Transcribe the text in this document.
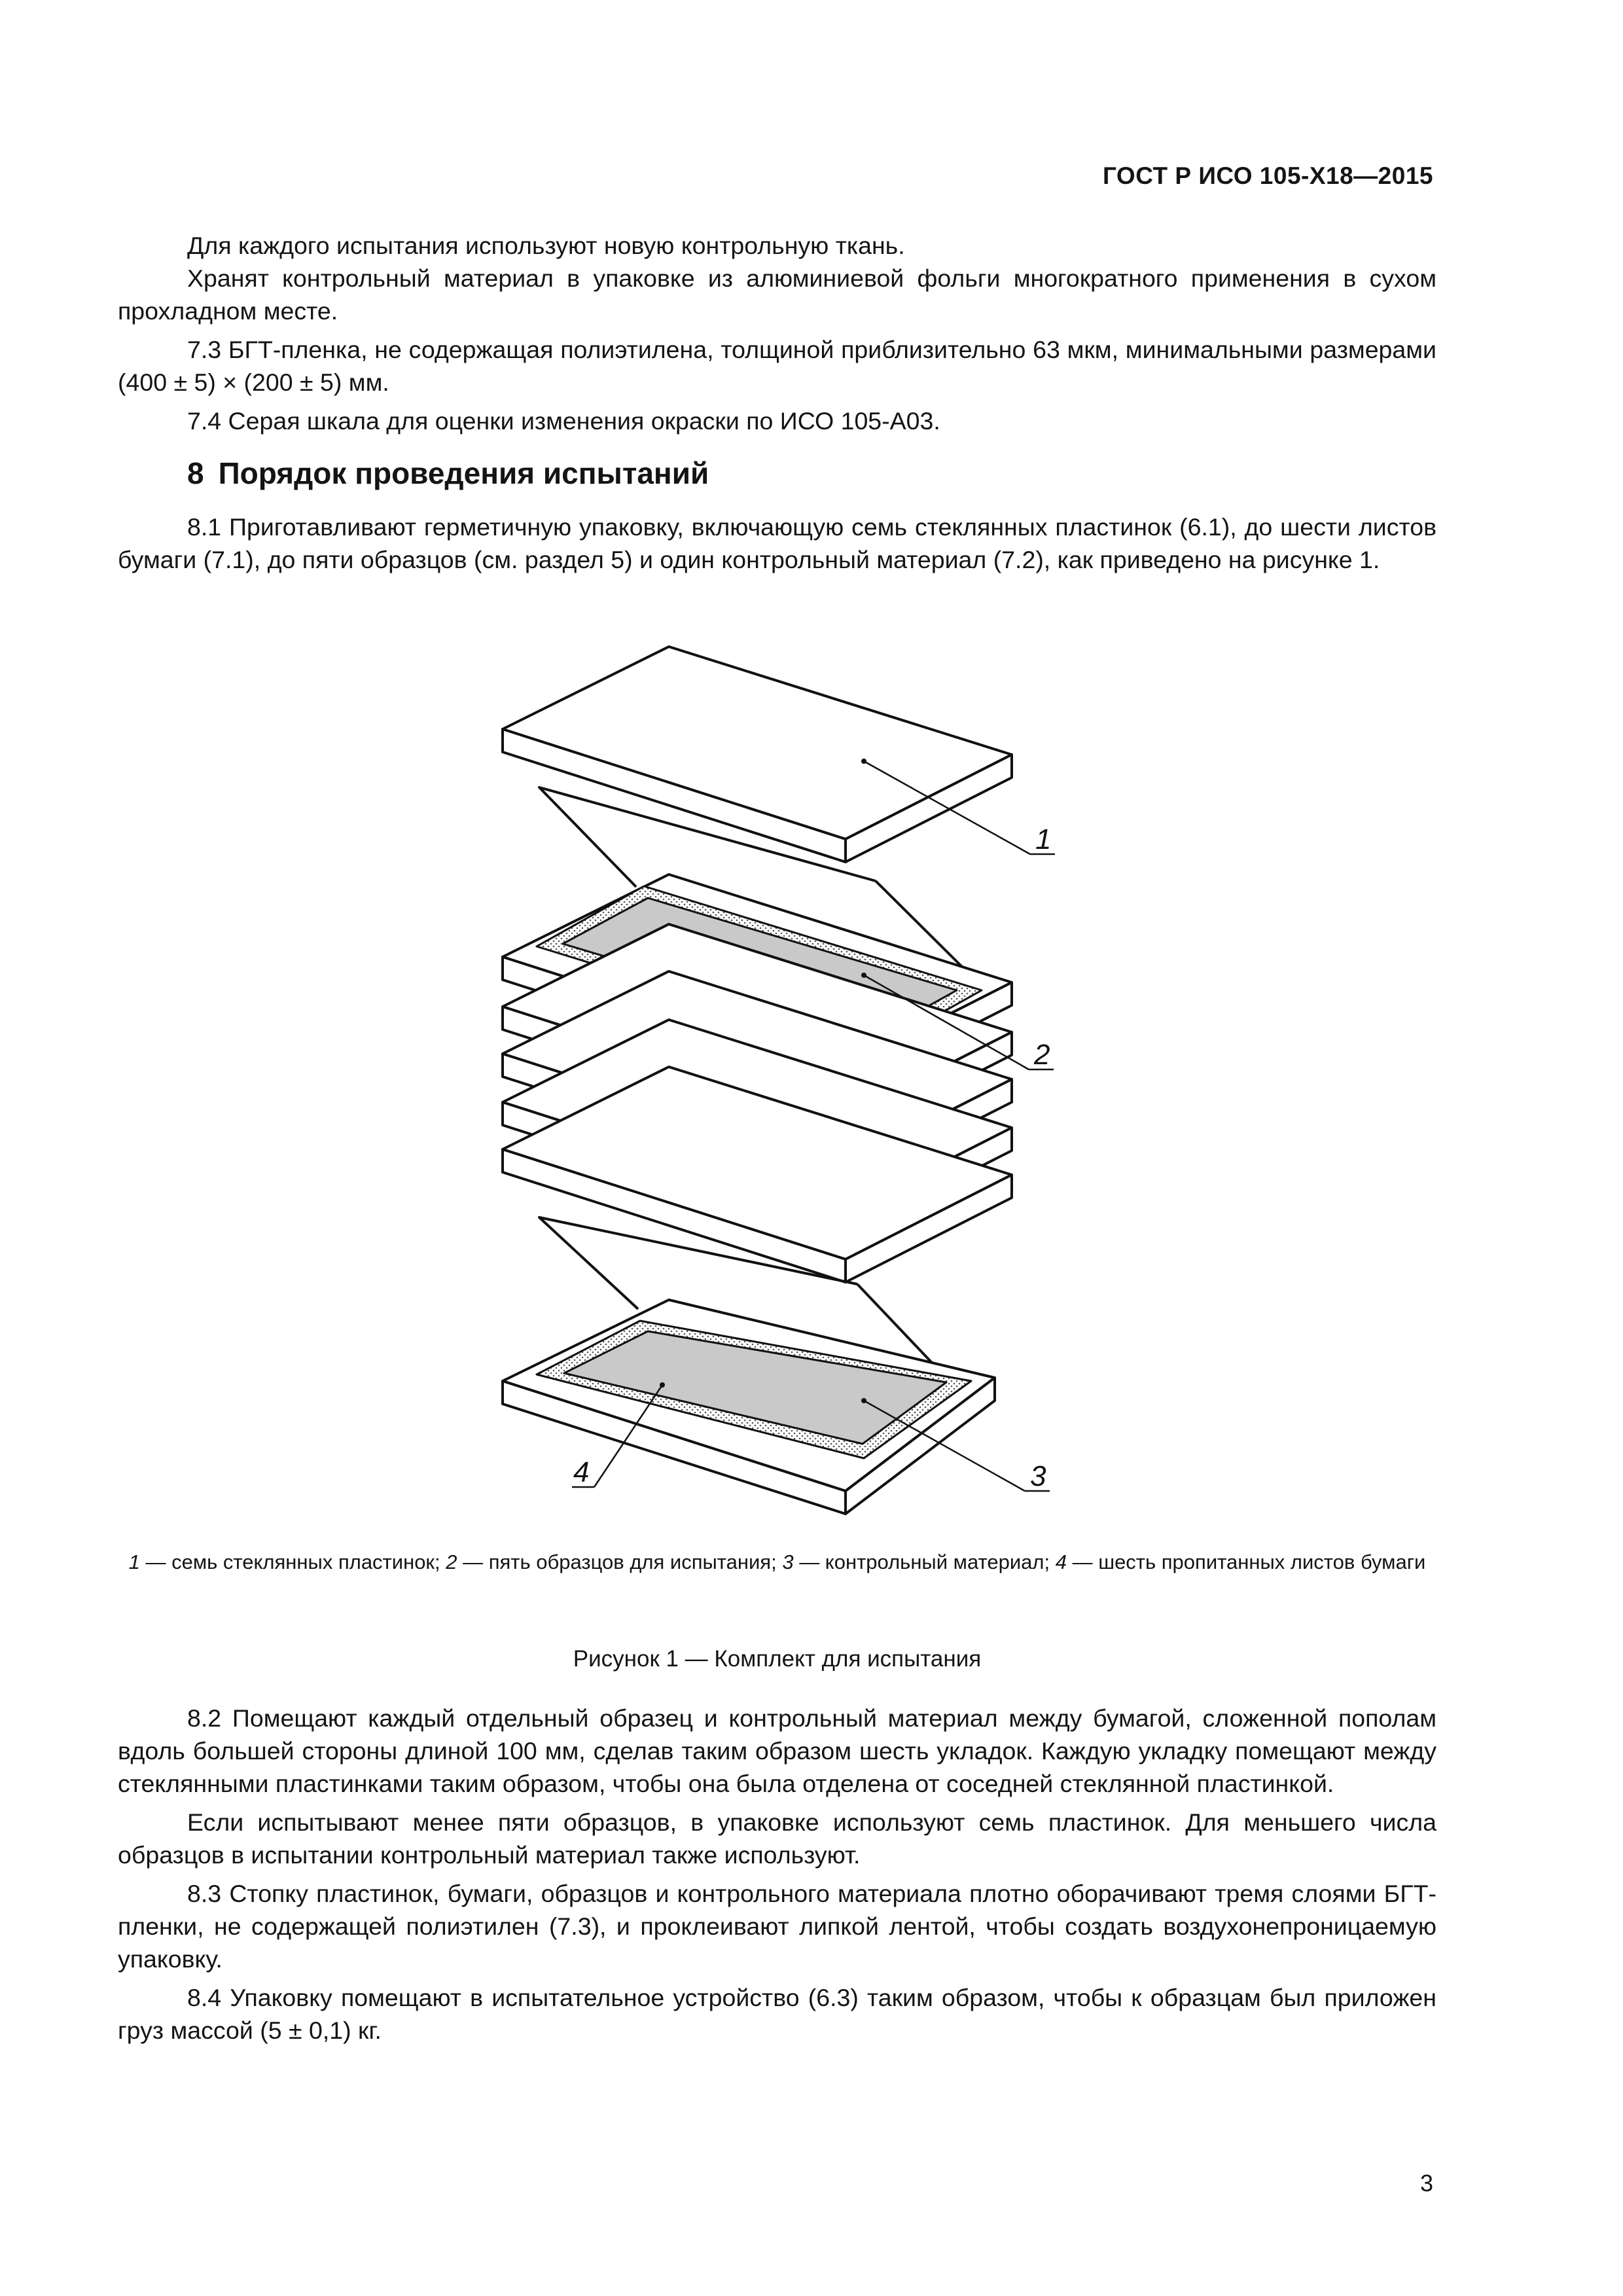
ГОСТ Р ИСО 105-X18—2015

Для каждого испытания используют новую контрольную ткань.

Хранят контрольный материал в упаковке из алюминиевой фольги многократного применения в сухом прохладном месте.

7.3 БГТ-пленка, не содержащая полиэтилена, толщиной приблизительно 63 мкм, минимальными размерами (400 ± 5) × (200 ± 5) мм.

7.4 Серая шкала для оценки изменения окраски по ИСО 105-А03.

8 Порядок проведения испытаний

8.1 Приготавливают герметичную упаковку, включающую семь стеклянных пластинок (6.1), до шести листов бумаги (7.1), до пяти образцов (см. раздел 5) и один контрольный материал (7.2), как приведено на рисунке 1.

1
2
3
4
1 — семь стеклянных пластинок; 2 — пять образцов для испытания; 3 — контрольный материал; 4 — шесть пропитанных листов бумаги
Рисунок 1 — Комплект для испытания

8.2 Помещают каждый отдельный образец и контрольный материал между бумагой, сложенной пополам вдоль большей стороны длиной 100 мм, сделав таким образом шесть укладок. Каждую укладку помещают между стеклянными пластинками таким образом, чтобы она была отделена от соседней стеклянной пластинкой.

Если испытывают менее пяти образцов, в упаковке используют семь пластинок. Для меньшего числа образцов в испытании контрольный материал также используют.

8.3 Стопку пластинок, бумаги, образцов и контрольного материала плотно оборачивают тремя слоями БГТ-пленки, не содержащей полиэтилен (7.3), и проклеивают липкой лентой, чтобы создать воздухонепроницаемую упаковку.

8.4 Упаковку помещают в испытательное устройство (6.3) таким образом, чтобы к образцам был приложен груз массой (5 ± 0,1) кг.

3
